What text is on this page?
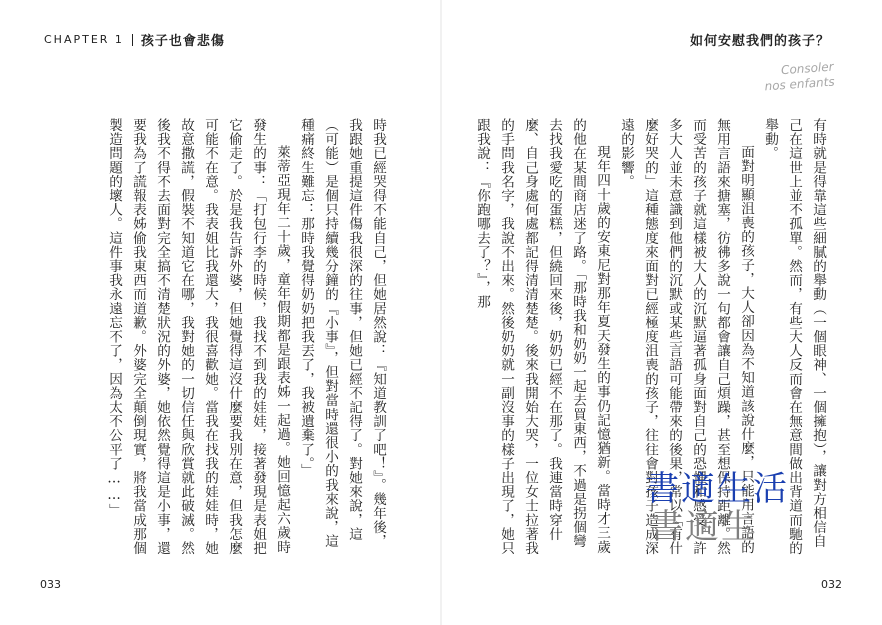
CHAPTER 1 孩子也會悲傷	如何安慰我們的孩子？
Consoler
nos enfants

有時就是得靠這些細膩的舉動（一個眼神、一個擁抱），讓對方相信自己在這世上並不孤單。然而，有些大人反而會在無意間做出背道而馳的舉動。

面對明顯沮喪的孩子，大人卻因為不知道該說什麼，只能用言語的無用言語來搪塞，彷彿多說一句都會讓自己煩躁，甚至想保持距離。然而受苦的孩子就這樣被大人的沉默逼著孤身面對自己的恐懼和感受。許多大人並未意識到他們的沉默或某些言語可能帶來的後果，常以「有什麼好哭的」這種態度來面對已經極度沮喪的孩子，往往會對孩子造成深遠的影響。

現年四十歲的安東尼對那年夏天發生的事仍記憶猶新。當時才三歲的他在某間商店迷了路。「那時我和奶奶一起去買東西，不過是拐個彎去找我愛吃的蛋糕，但繞回來後，奶奶已經不在那了。我連當時穿什麼、自己身處何處都記得清清楚楚。後來我開始大哭，一位女士拉著我的手問我名字，我說不出來。然後奶奶就一副沒事的樣子出現了，她只跟我說：『你跑哪去了？』，那

時我已經哭得不能自己，但她居然說：『知道教訓了吧！』。幾年後，我跟她重提這件傷我很深的往事，但她已經不記得了。對她來說，這（可能）是個只持續幾分鐘的『小事』，但對當時還很小的我來說，這種痛終生難忘：那時我覺得奶奶把我丟了，我被遺棄了。」

萊蒂亞現年二十歲，童年假期都是跟表姊一起過。她回憶起六歲時發生的事：「打包行李的時候，我找不到我的娃娃，接著發現是表姐把它偷走了。於是我告訴外婆，但她覺得這沒什麼要我別在意，但我怎麼可能不在意。我表姐比我還大，我很喜歡她。當我在找我的娃娃時，她故意撒謊，假裝不知道它在哪，我對她的一切信任與欣賞就此破滅。然後我不得不去面對完全搞不清楚狀況的外婆，她依然覺得這是小事，還要我為了謊報表姊偷我東西而道歉。外婆完全顛倒現實，將我當成那個製造問題的壞人。這件事我永遠忘不了，因為太不公平了……」	書適生活
書適生
033	032
